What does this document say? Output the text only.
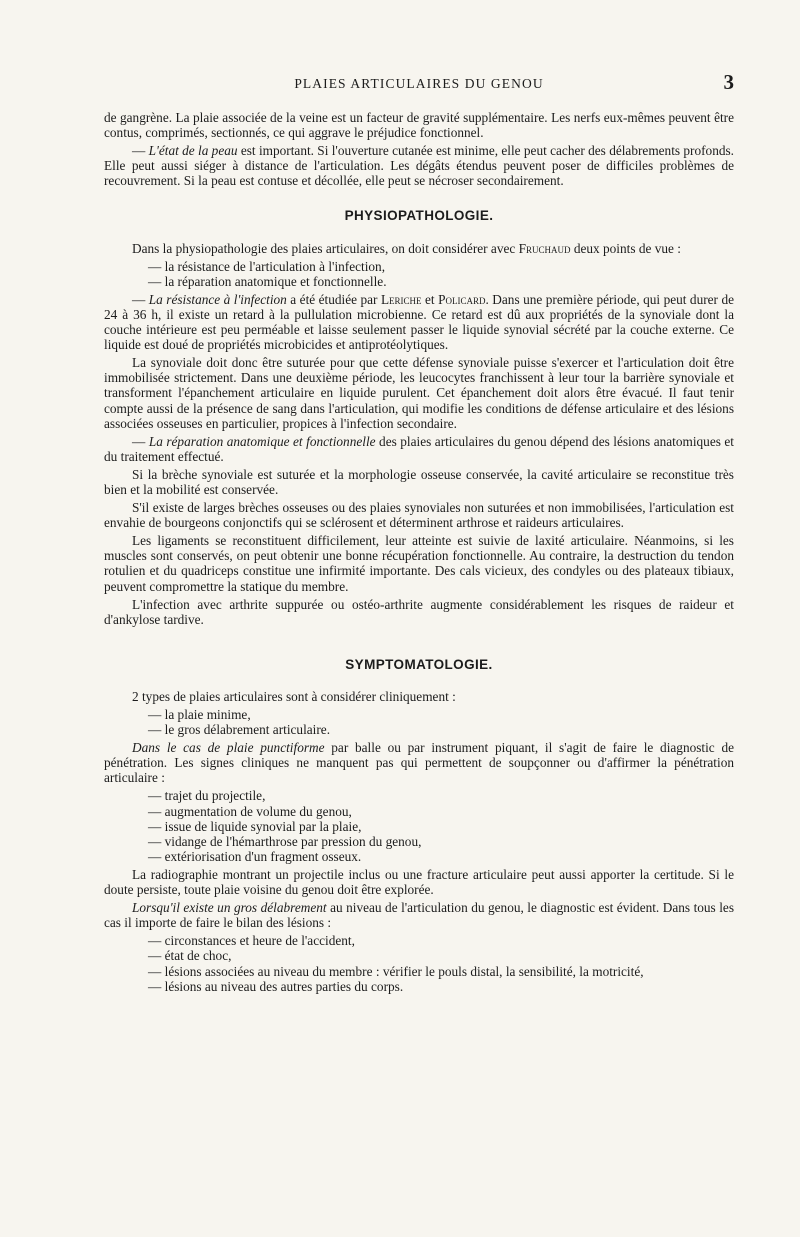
PLAIES ARTICULAIRES DU GENOU	3

de gangrène. La plaie associée de la veine est un facteur de gravité supplémentaire. Les nerfs eux-mêmes peuvent être contus, comprimés, sectionnés, ce qui aggrave le préjudice fonctionnel.

— L'état de la peau est important. Si l'ouverture cutanée est minime, elle peut cacher des délabrements profonds. Elle peut aussi siéger à distance de l'articulation. Les dégâts étendus peuvent poser de difficiles problèmes de recouvrement. Si la peau est contuse et décollée, elle peut se nécroser secondairement.

PHYSIOPATHOLOGIE.

Dans la physiopathologie des plaies articulaires, on doit considérer avec Fruchaud deux points de vue :

— la résistance de l'articulation à l'infection,
— la réparation anatomique et fonctionnelle.

— La résistance à l'infection a été étudiée par Leriche et Policard. Dans une première période, qui peut durer de 24 à 36 h, il existe un retard à la pullulation microbienne. Ce retard est dû aux propriétés de la synoviale dont la couche intérieure est peu perméable et laisse seulement passer le liquide synovial sécrété par la couche externe. Ce liquide est doué de propriétés microbicides et antiprotéolytiques.

La synoviale doit donc être suturée pour que cette défense synoviale puisse s'exercer et l'articulation doit être immobilisée strictement. Dans une deuxième période, les leucocytes franchissent à leur tour la barrière synoviale et transforment l'épanchement articulaire en liquide purulent. Cet épanchement doit alors être évacué. Il faut tenir compte aussi de la présence de sang dans l'articulation, qui modifie les conditions de défense articulaire et des lésions associées osseuses en particulier, propices à l'infection secondaire.

— La réparation anatomique et fonctionnelle des plaies articulaires du genou dépend des lésions anatomiques et du traitement effectué.

Si la brèche synoviale est suturée et la morphologie osseuse conservée, la cavité articulaire se reconstitue très bien et la mobilité est conservée.

S'il existe de larges brèches osseuses ou des plaies synoviales non suturées et non immobilisées, l'articulation est envahie de bourgeons conjonctifs qui se sclérosent et déterminent arthrose et raideurs articulaires.

Les ligaments se reconstituent difficilement, leur atteinte est suivie de laxité articulaire. Néanmoins, si les muscles sont conservés, on peut obtenir une bonne récupération fonctionnelle. Au contraire, la destruction du tendon rotulien et du quadriceps constitue une infirmité importante. Des cals vicieux, des condyles ou des plateaux tibiaux, peuvent compromettre la statique du membre.

L'infection avec arthrite suppurée ou ostéo-arthrite augmente considérablement les risques de raideur et d'ankylose tardive.

SYMPTOMATOLOGIE.

2 types de plaies articulaires sont à considérer cliniquement :

— la plaie minime,
— le gros délabrement articulaire.

Dans le cas de plaie punctiforme par balle ou par instrument piquant, il s'agit de faire le diagnostic de pénétration. Les signes cliniques ne manquent pas qui permettent de soupçonner ou d'affirmer la pénétration articulaire :

— trajet du projectile,
— augmentation de volume du genou,
— issue de liquide synovial par la plaie,
— vidange de l'hémarthrose par pression du genou,
— extériorisation d'un fragment osseux.

La radiographie montrant un projectile inclus ou une fracture articulaire peut aussi apporter la certitude. Si le doute persiste, toute plaie voisine du genou doit être explorée.

Lorsqu'il existe un gros délabrement au niveau de l'articulation du genou, le diagnostic est évident. Dans tous les cas il importe de faire le bilan des lésions :

— circonstances et heure de l'accident,
— état de choc,
— lésions associées au niveau du membre : vérifier le pouls distal, la sensibilité, la motricité,
— lésions au niveau des autres parties du corps.
